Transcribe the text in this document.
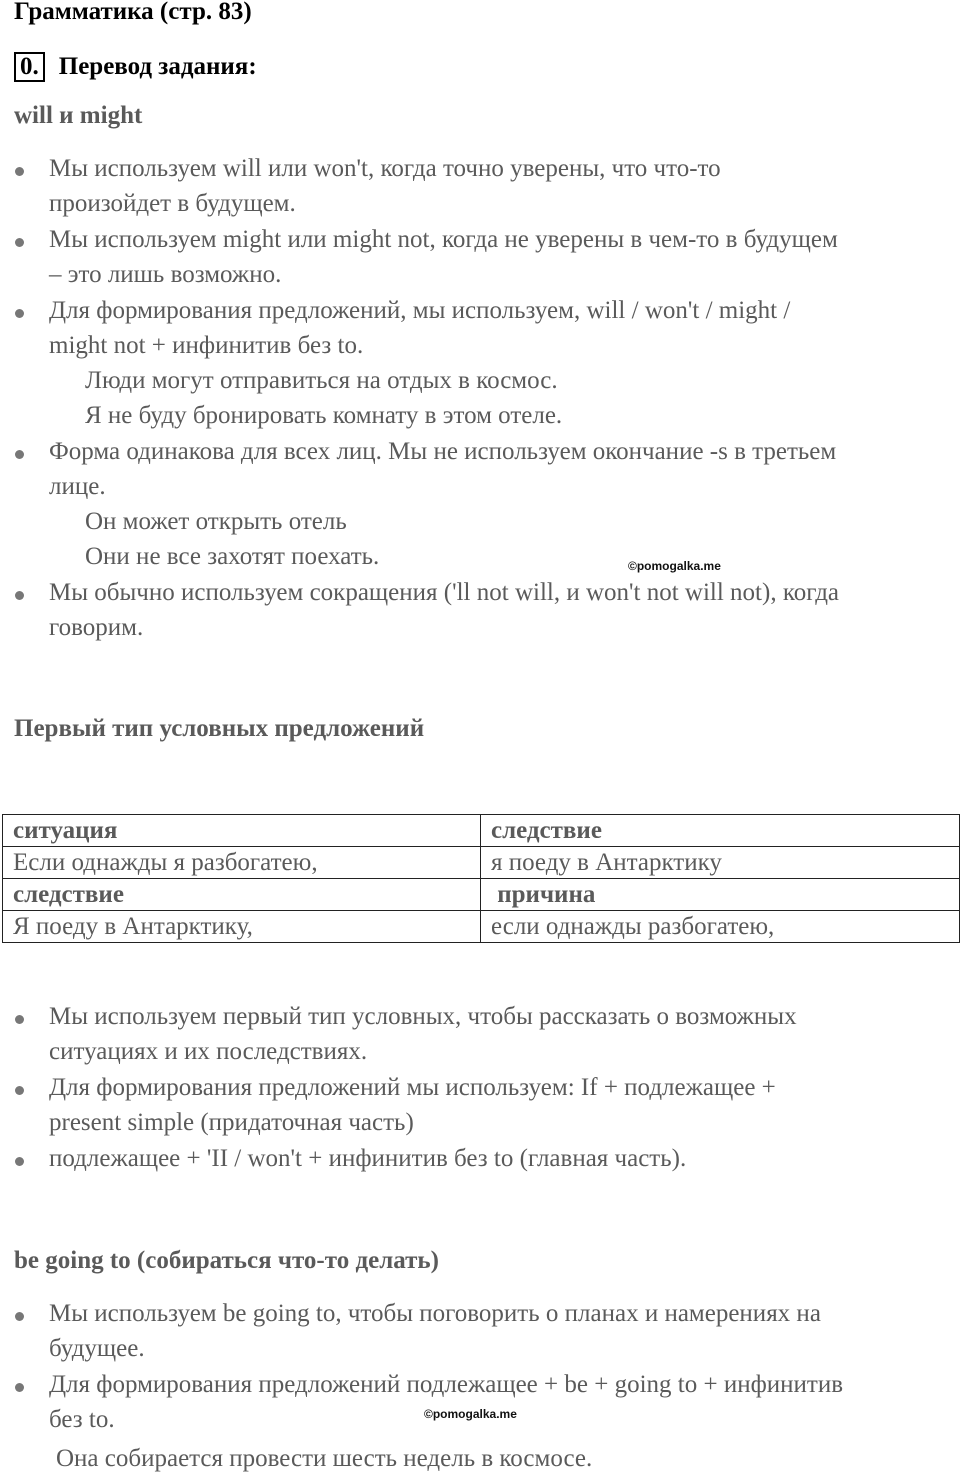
Грамматика (стр. 83)
0. Перевод задания:
will и might
Мы используем will или won't, когда точно уверены, что что-то
произойдет в будущем.
Мы используем might или might not, когда не уверены в чем-то в будущем
– это лишь возможно.
Для формирования предложений, мы используем, will / won't / might /
might not + инфинитив без to.
Люди могут отправиться на отдых в космос.
Я не буду бронировать комнату в этом отеле.
Форма одинакова для всех лиц. Мы не используем окончание -s в третьем
лице.
Он может открыть отель
Они не все захотят поехать.	©pomogalka.me
Мы обычно используем сокращения ('ll not will, и won't not will not), когда
говорим.
Первый тип условных предложений
ситуация	следствие
Если однажды я разбогатею,	я поеду в Антарктику
следствие	причина
Я поеду в Антарктику,	если однажды разбогатею,
Мы используем первый тип условных, чтобы рассказать о возможных
ситуациях и их последствиях.
Для формирования предложений мы используем: If + подлежащее +
present simple (придаточная часть)
подлежащее + 'II / won't + инфинитив без to (главная часть).
be going to (собираться что-то делать)
Мы используем be going to, чтобы поговорить о планах и намерениях на
будущее.
Для формирования предложений подлежащее + be + going to + инфинитив
без to.	©pomogalka.me
Она собирается провести шесть недель в космосе.
